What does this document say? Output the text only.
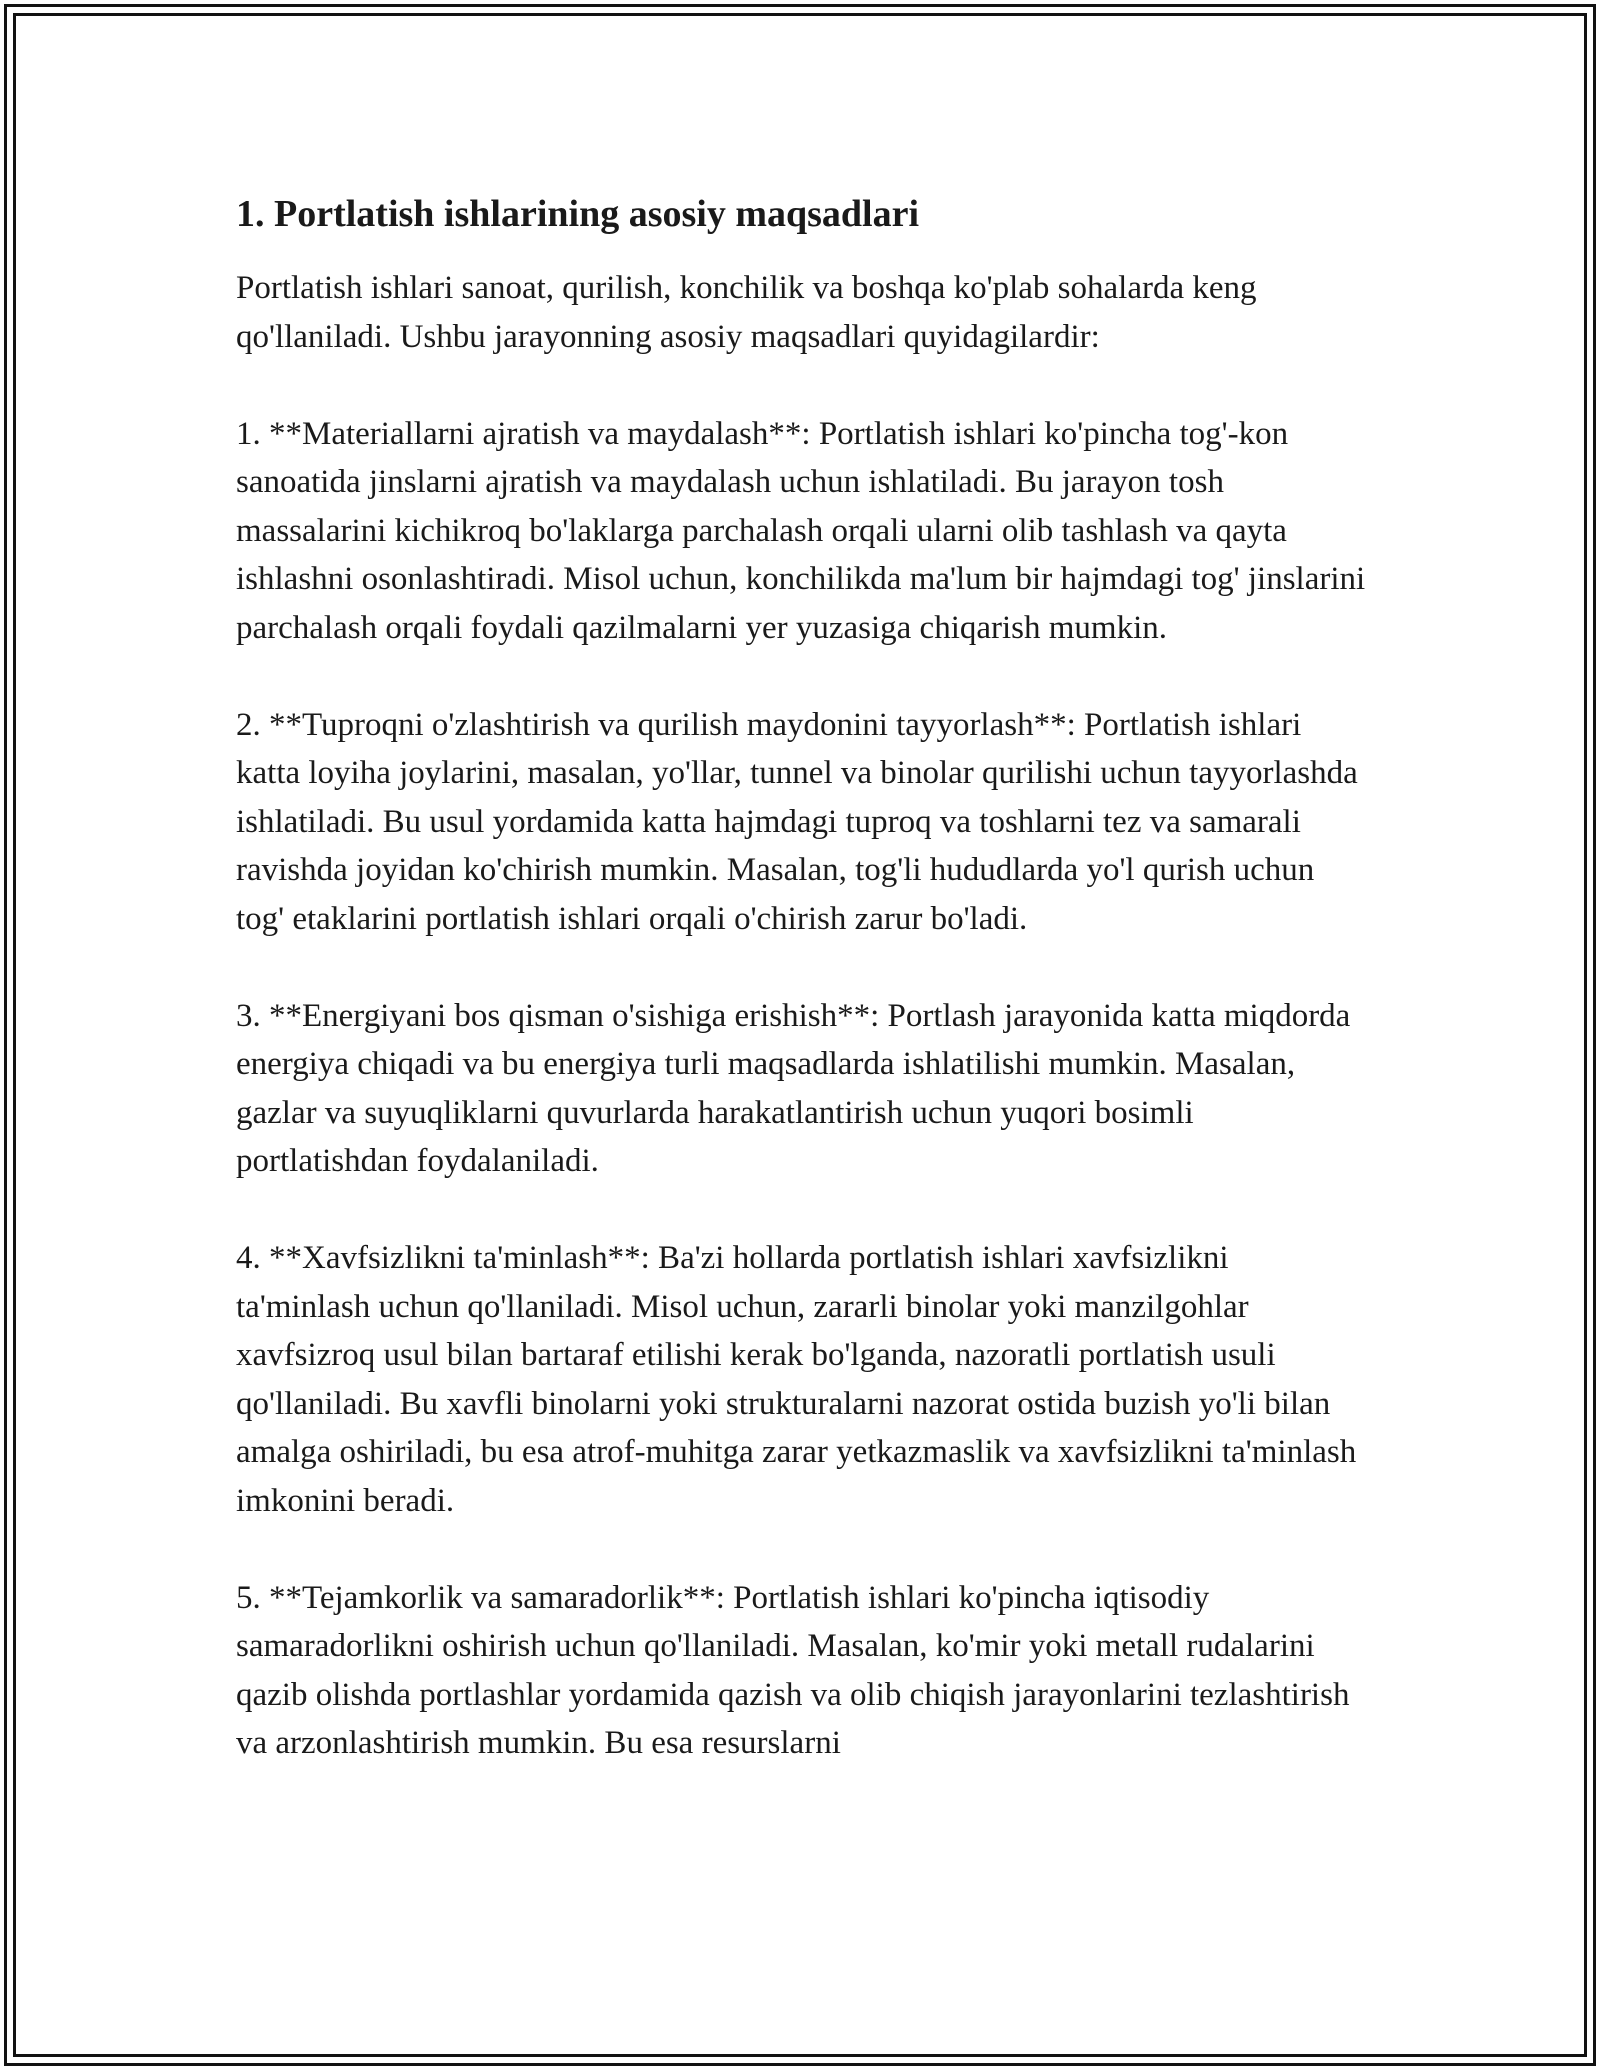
1. Portlatish ishlarining asosiy maqsadlari

Portlatish ishlari sanoat, qurilish, konchilik va boshqa ko'plab sohalarda keng qo'llaniladi. Ushbu jarayonning asosiy maqsadlari quyidagilardir:

1. **Materiallarni ajratish va maydalash**: Portlatish ishlari ko'pincha tog'-kon sanoatida jinslarni ajratish va maydalash uchun ishlatiladi. Bu jarayon tosh massalarini kichikroq bo'laklarga parchalash orqali ularni olib tashlash va qayta ishlashni osonlashtiradi. Misol uchun, konchilikda ma'lum bir hajmdagi tog' jinslarini parchalash orqali foydali qazilmalarni yer yuzasiga chiqarish mumkin.

2. **Tuproqni o'zlashtirish va qurilish maydonini tayyorlash**: Portlatish ishlari katta loyiha joylarini, masalan, yo'llar, tunnel va binolar qurilishi uchun tayyorlashda ishlatiladi. Bu usul yordamida katta hajmdagi tuproq va toshlarni tez va samarali ravishda joyidan ko'chirish mumkin. Masalan, tog'li hududlarda yo'l qurish uchun tog' etaklarini portlatish ishlari orqali o'chirish zarur bo'ladi.

3. **Energiyani bos qisman o'sishiga erishish**: Portlash jarayonida katta miqdorda energiya chiqadi va bu energiya turli maqsadlarda ishlatilishi mumkin. Masalan, gazlar va suyuqliklarni quvurlarda harakatlantirish uchun yuqori bosimli portlatishdan foydalaniladi.

4. **Xavfsizlikni ta'minlash**: Ba'zi hollarda portlatish ishlari xavfsizlikni ta'minlash uchun qo'llaniladi. Misol uchun, zararli binolar yoki manzilgohlar xavfsizroq usul bilan bartaraf etilishi kerak bo'lganda, nazoratli portlatish usuli qo'llaniladi. Bu xavfli binolarni yoki strukturalarni nazorat ostida buzish yo'li bilan amalga oshiriladi, bu esa atrof-muhitga zarar yetkazmaslik va xavfsizlikni ta'minlash imkonini beradi.

5. **Tejamkorlik va samaradorlik**: Portlatish ishlari ko'pincha iqtisodiy samaradorlikni oshirish uchun qo'llaniladi. Masalan, ko'mir yoki metall rudalarini qazib olishda portlashlar yordamida qazish va olib chiqish jarayonlarini tezlashtirish va arzonlashtirish mumkin. Bu esa resurslarni
